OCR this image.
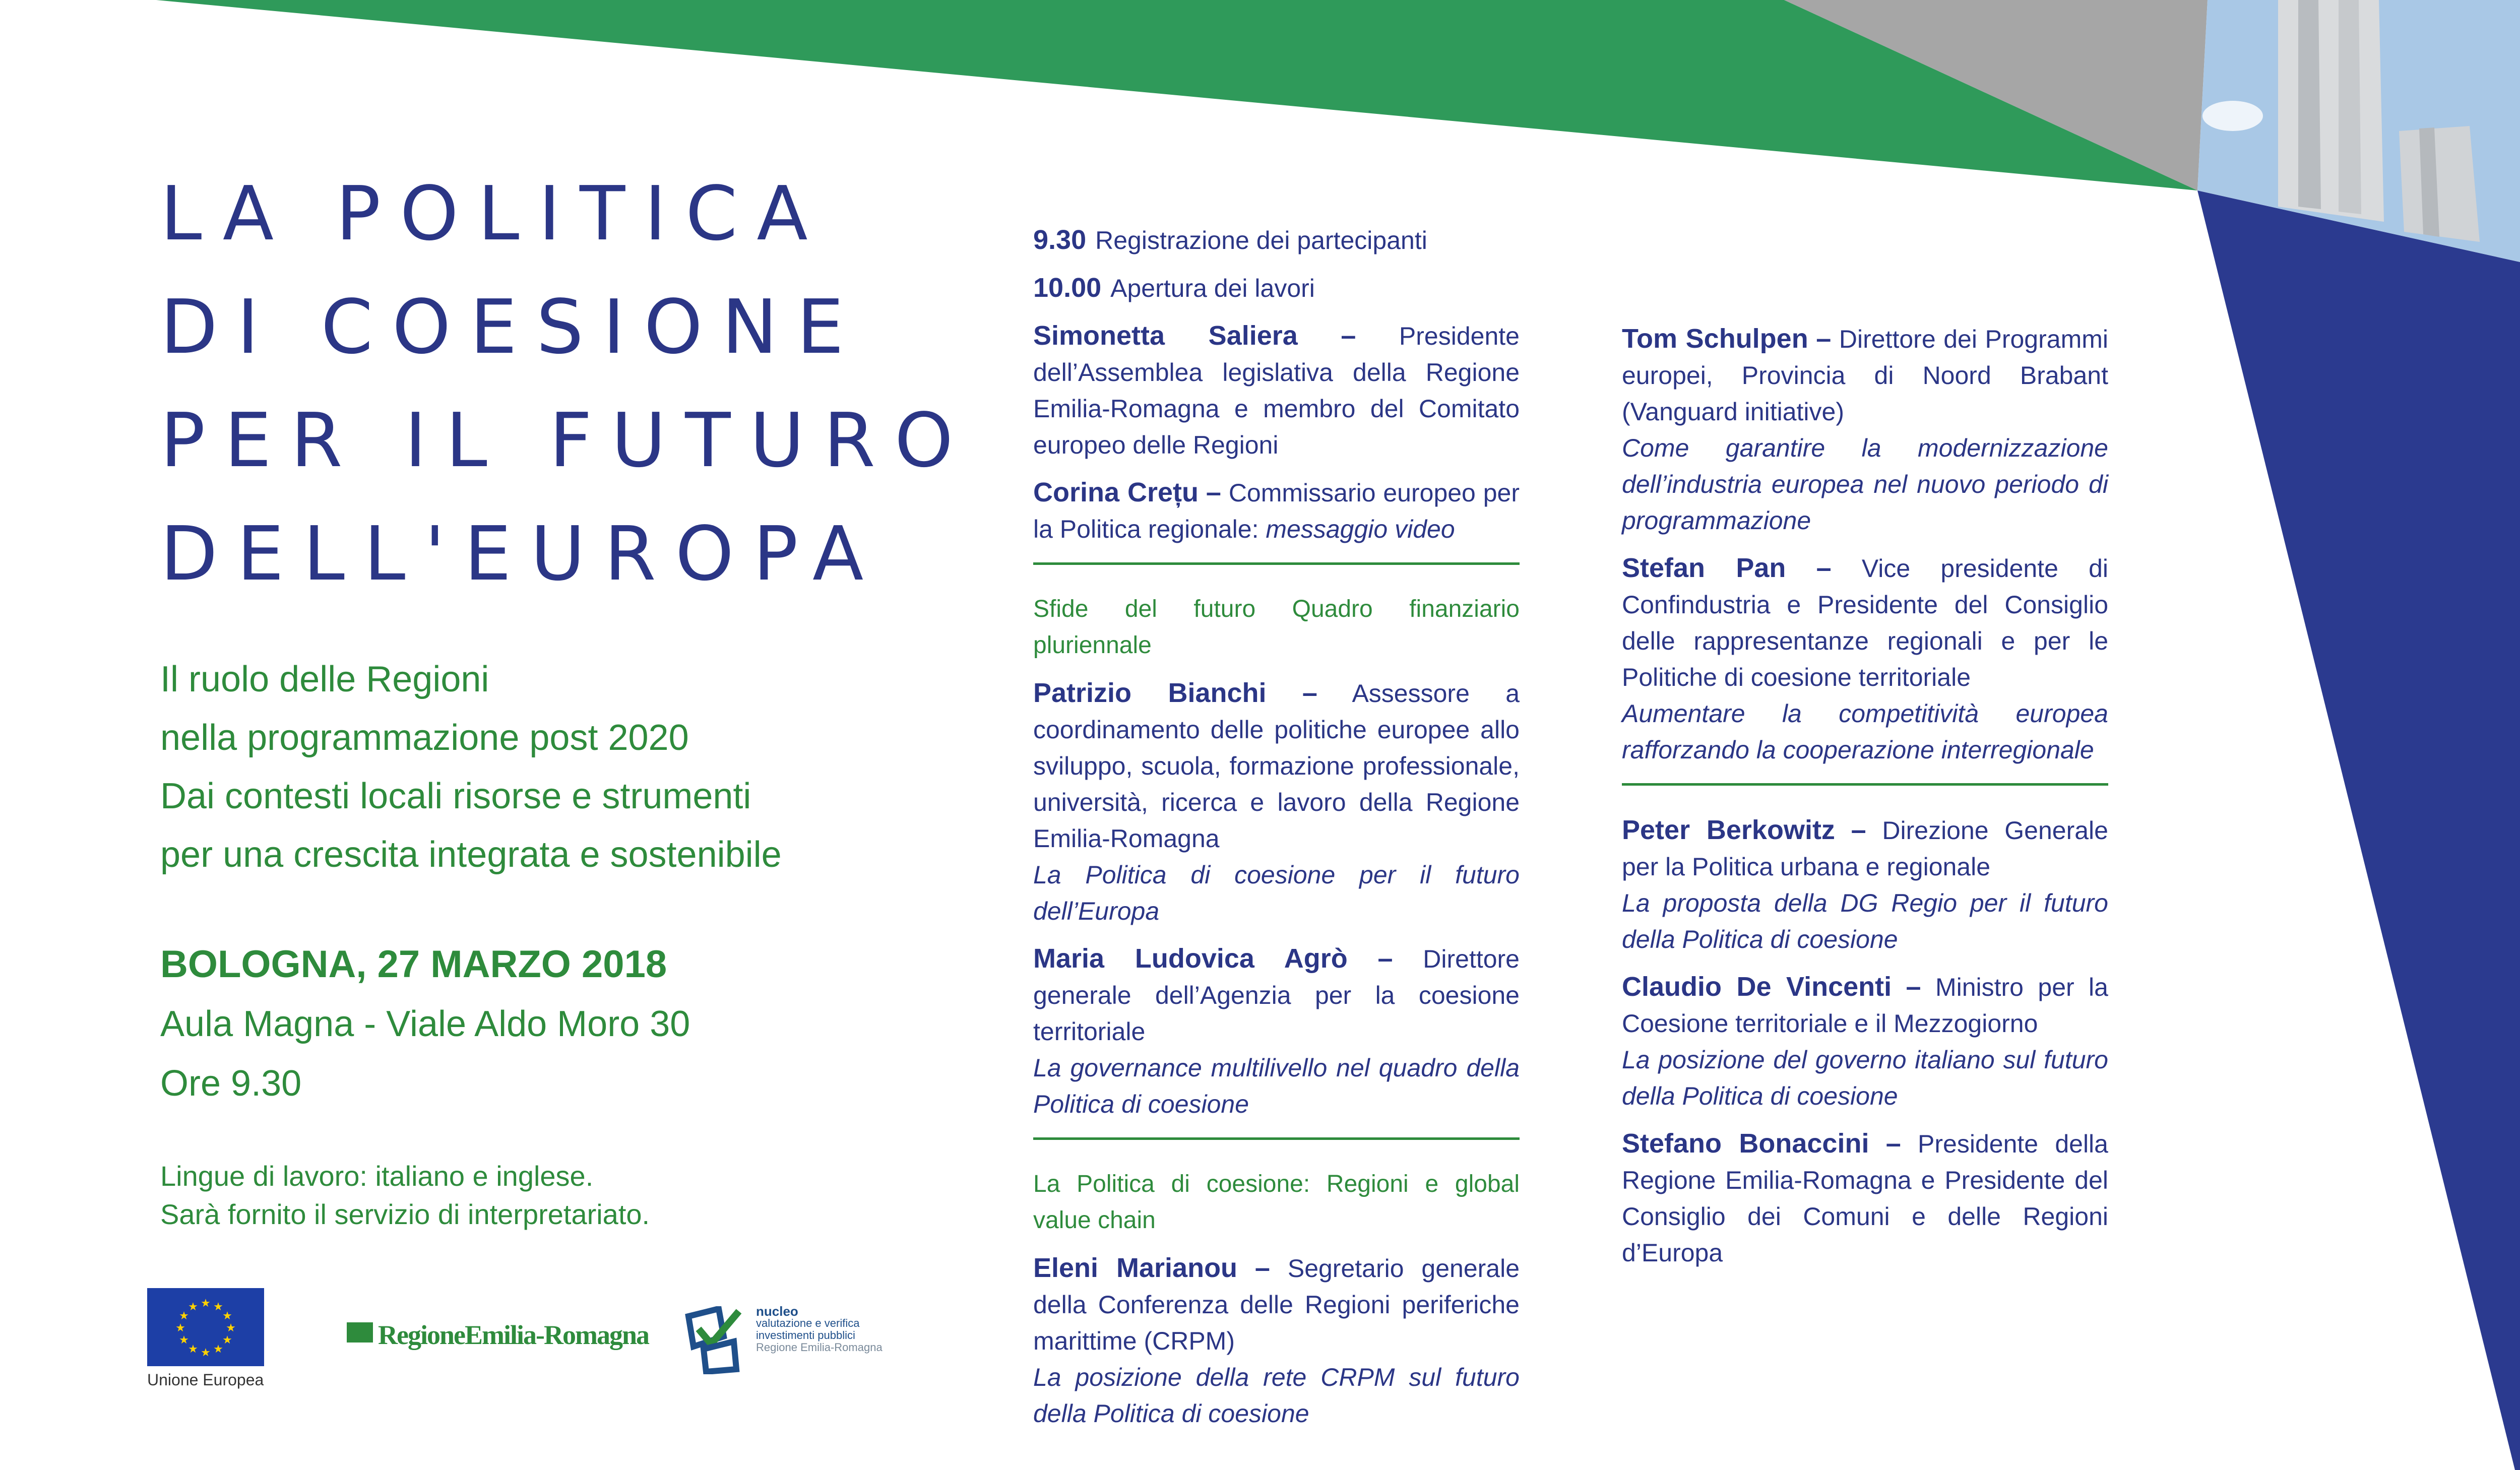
LA POLITICA
DI COESIONE
PER IL FUTURO
DELL'EUROPA
Il ruolo delle Regioni
nella programmazione post 2020
Dai contesti locali risorse e strumenti
per una crescita integrata e sostenibile
BOLOGNA, 27 MARZO 2018
Aula Magna - Viale Aldo Moro 30
Ore 9.30
Lingue di lavoro: italiano e inglese.
Sarà fornito il servizio di interpretariato.

9.30 Registrazione dei partecipanti

10.00 Apertura dei lavori

Simonetta Saliera – Presidente dell’Assemblea legislativa della Regione Emilia-Romagna e membro del Comitato europeo delle Regioni

Corina Crețu – Commissario europeo per la Politica regionale: messaggio video

Sfide del futuro Quadro finanziario pluriennale

Patrizio Bianchi – Assessore a coordinamento delle politiche europee allo sviluppo, scuola, formazione professionale, università, ricerca e lavoro della Regione Emilia-Romagna
La Politica di coesione per il futuro dell’Europa

Maria Ludovica Agrò – Direttore generale dell’Agenzia per la coesione territoriale
La governance multilivello nel quadro della Politica di coesione

La Politica di coesione: Regioni e global value chain

Eleni Marianou – Segretario generale della Conferenza delle Regioni periferiche marittime (CRPM)
La posizione della rete CRPM sul futuro della Politica di coesione

Tom Schulpen – Direttore dei Programmi europei, Provincia di Noord Brabant (Vanguard initiative)
Come garantire la modernizzazione dell’industria europea nel nuovo periodo di programmazione

Stefan Pan – Vice presidente di Confindustria e Presidente del Consiglio delle rappresentanze regionali e per le Politiche di coesione territoriale
Aumentare la competitività europea rafforzando la cooperazione interregionale

Peter Berkowitz – Direzione Generale per la Politica urbana e regionale
La proposta della DG Regio per il futuro della Politica di coesione

Claudio De Vincenti – Ministro per la Coesione territoriale e il Mezzogiorno
La posizione del governo italiano sul futuro della Politica di coesione

Stefano Bonaccini – Presidente della Regione Emilia-Romagna e Presidente del Consiglio dei Comuni e delle Regioni d’Europa

★ ★
★
★
★
★
★
★
★
★
★
★
Unione Europea
RegioneEmilia-Romagna
nucleo
valutazione e verifica
investimenti pubblici
Regione Emilia-Romagna
